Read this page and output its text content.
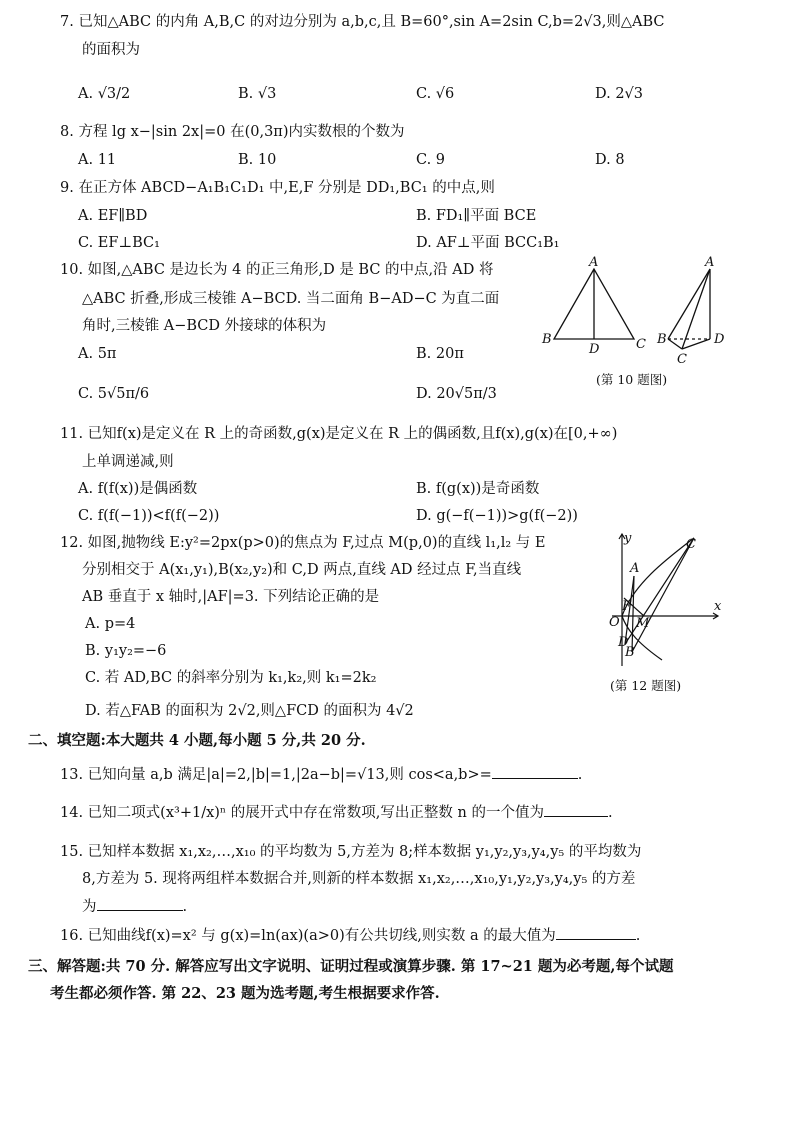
7. 已知△ABC 的内角 A,B,C 的对边分别为 a,b,c,且 B=60°,sin A=2sin C,b=2√3,则△ABC
的面积为
A. √3/2	B. √3	C. √6	D. 2√3
8. 方程 lg x−|sin 2x|=0 在(0,3π)内实数根的个数为
A. 11	B. 10	C. 9	D. 8
9. 在正方体 ABCD−A₁B₁C₁D₁ 中,E,F 分别是 DD₁,BC₁ 的中点,则
A. EF∥BD	B. FD₁∥平面 BCE
C. EF⊥BC₁	D. AF⊥平面 BCC₁B₁
10. 如图,△ABC 是边长为 4 的正三角形,D 是 BC 的中点,沿 AD 将
△ABC 折叠,形成三棱锥 A−BCD. 当二面角 B−AD−C 为直二面
角时,三棱锥 A−BCD 外接球的体积为
A. 5π	B. 20π
C. 5√5π/6	D. 20√5π/3
A
B
D	C
A
B
C
D
(第 10 题图)
11. 已知f(x)是定义在 R 上的奇函数,g(x)是定义在 R 上的偶函数,且f(x),g(x)在[0,+∞)
上单调递减,则
A. f(f(x))是偶函数	B. f(g(x))是奇函数
C. f(f(−1))<f(f(−2))	D. g(−f(−1))>g(f(−2))
12. 如图,抛物线 E:y²=2px(p>0)的焦点为 F,过点 M(p,0)的直线 l₁,l₂ 与 E
分别相交于 A(x₁,y₁),B(x₂,y₂)和 C,D 两点,直线 AD 经过点 F,当直线
AB 垂直于 x 轴时,|AF|=3. 下列结论正确的是
A. p=4
B. y₁y₂=−6
C. 若 AD,BC 的斜率分别为 k₁,k₂,则 k₁=2k₂
D. 若△FAB 的面积为 2√2,则△FCD 的面积为 4√2
y
x
O
F
M
A
B
C
D
(第 12 题图)
二、填空题:本大题共 4 小题,每小题 5 分,共 20 分.
13. 已知向量 a,b 满足|a|=2,|b|=1,|2a−b|=√13,则 cos<a,b>=	.
14. 已知二项式(x³+1/x)ⁿ 的展开式中存在常数项,写出正整数 n 的一个值为	.
15. 已知样本数据 x₁,x₂,…,x₁₀ 的平均数为 5,方差为 8;样本数据 y₁,y₂,y₃,y₄,y₅ 的平均数为
8,方差为 5. 现将两组样本数据合并,则新的样本数据 x₁,x₂,…,x₁₀,y₁,y₂,y₃,y₄,y₅ 的方差
为	.
16. 已知曲线f(x)=x² 与 g(x)=ln(ax)(a>0)有公共切线,则实数 a 的最大值为	.
三、解答题:共 70 分. 解答应写出文字说明、证明过程或演算步骤. 第 17~21 题为必考题,每个试题
考生都必须作答. 第 22、23 题为选考题,考生根据要求作答.
